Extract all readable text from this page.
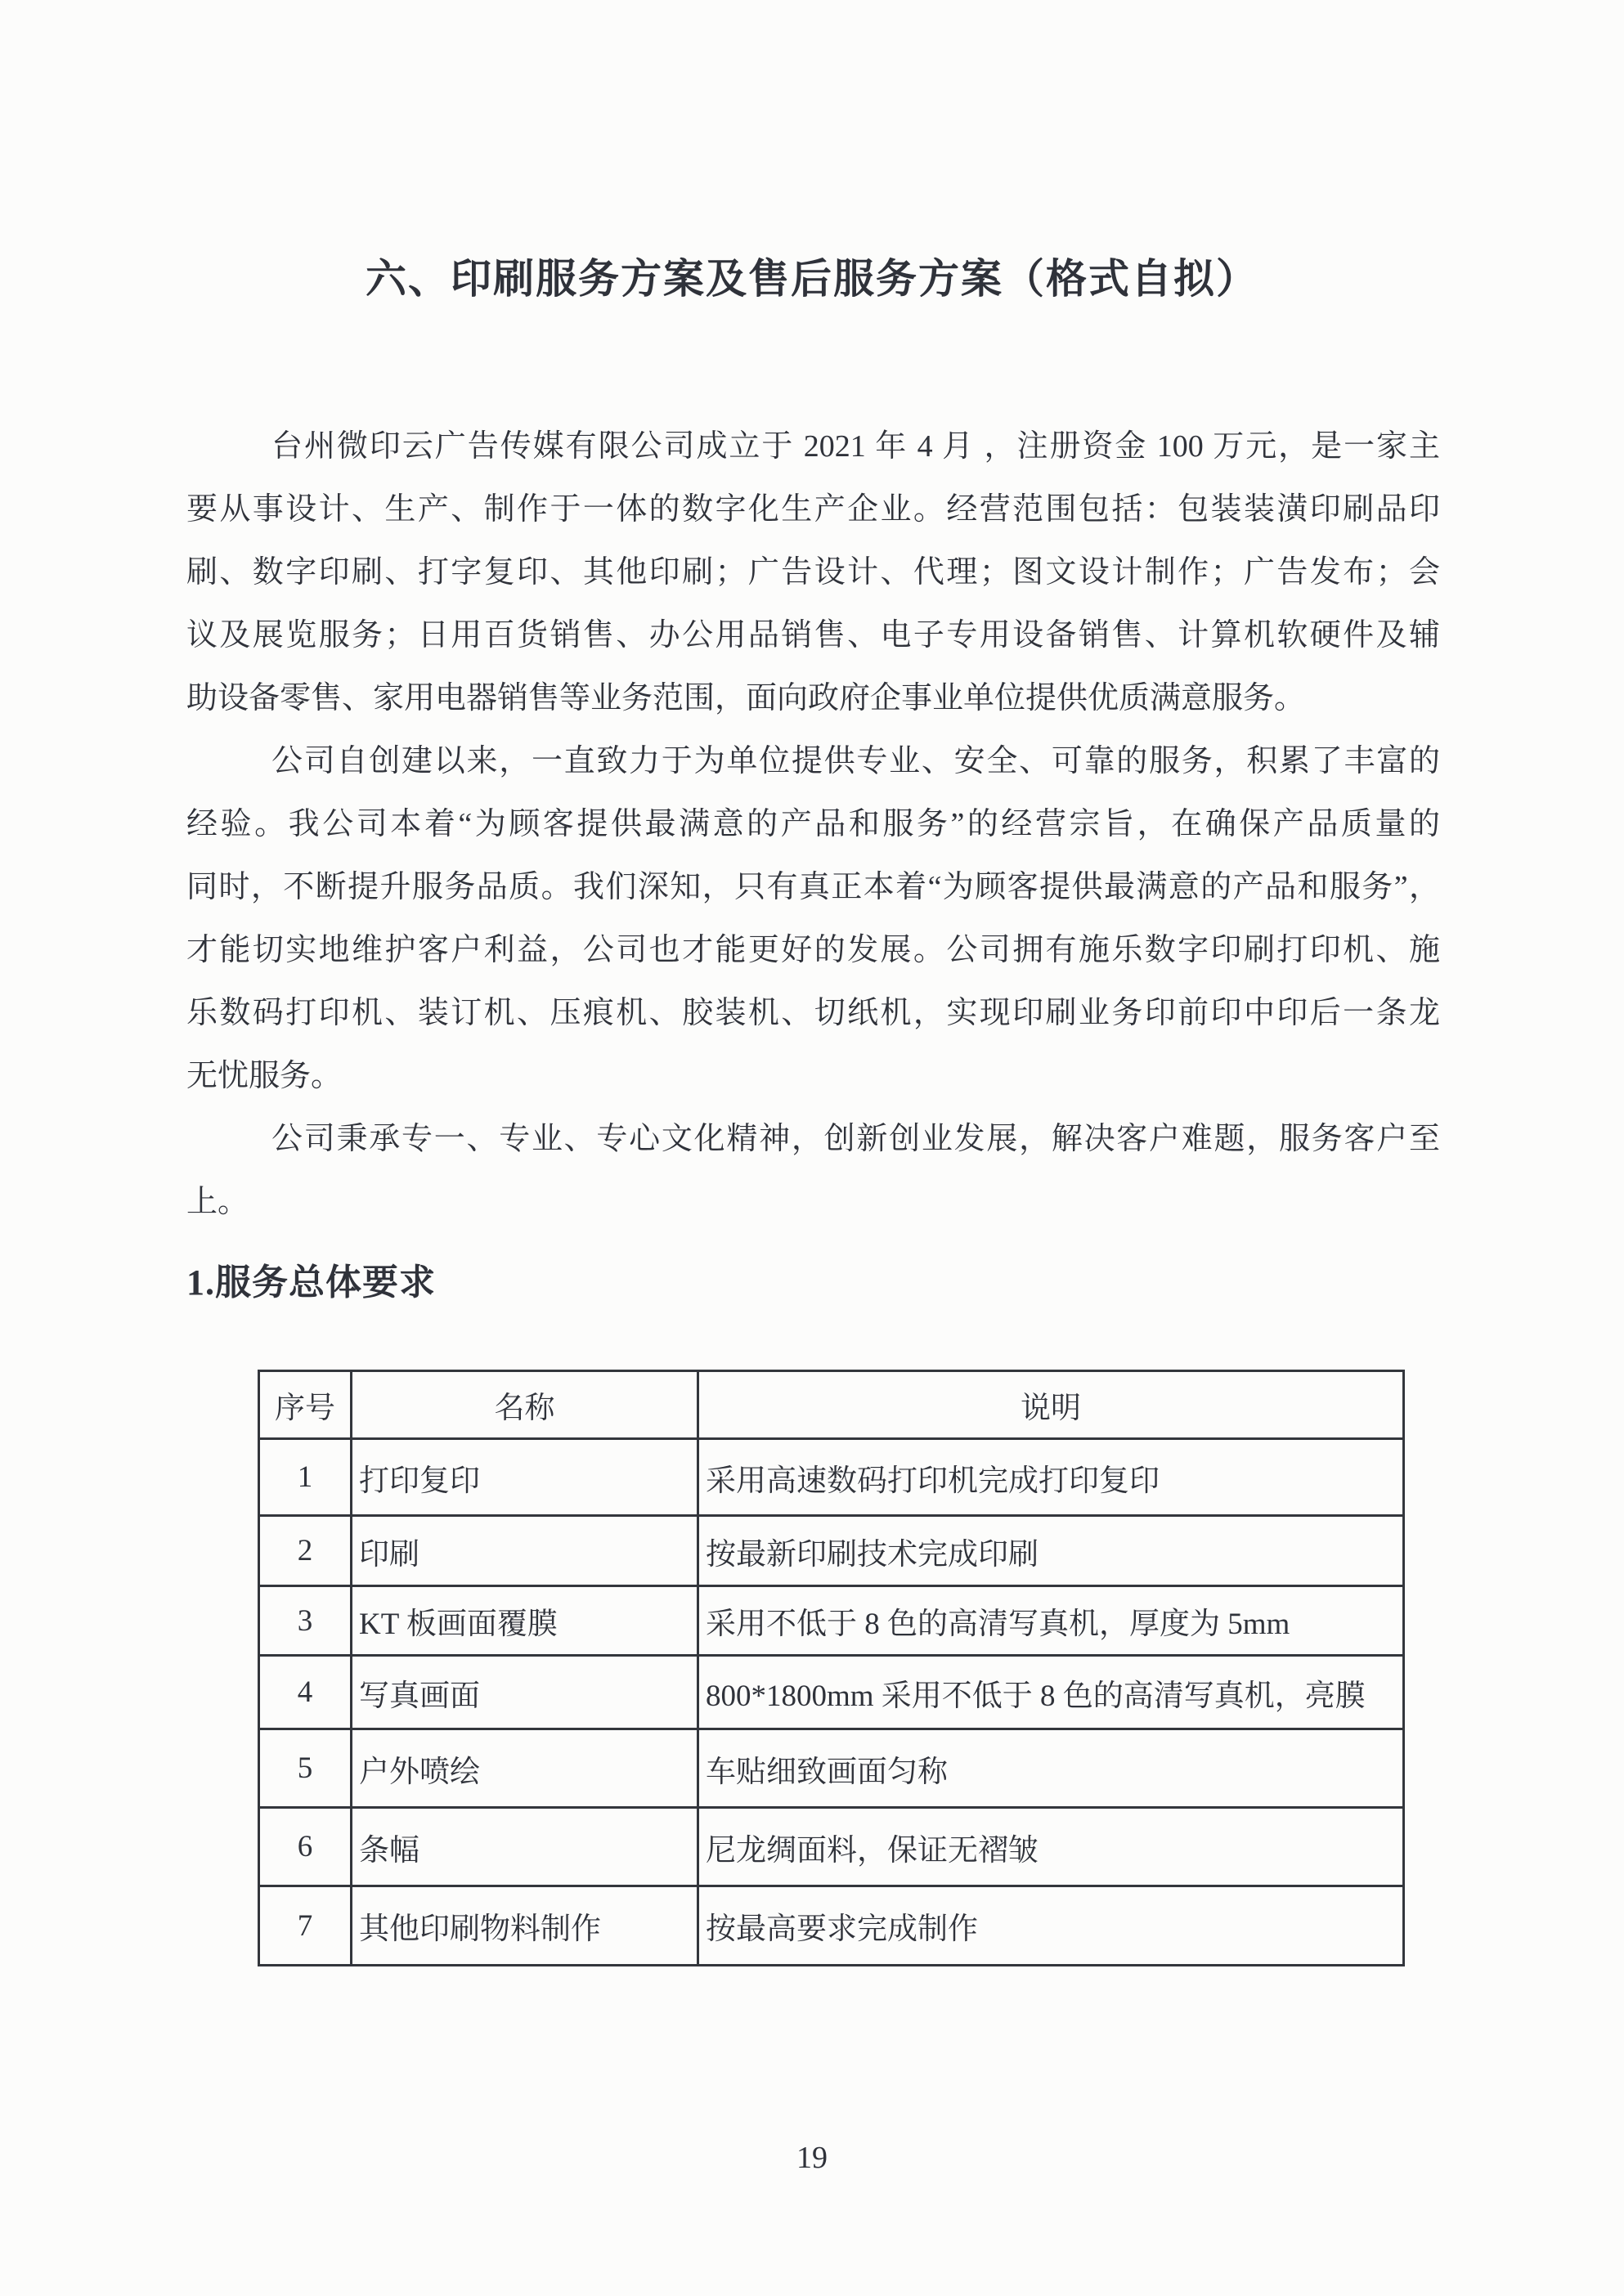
六、印刷服务方案及售后服务方案（格式自拟）
台州微印云广告传媒有限公司成立于 2021 年 4 月 ，注册资金 100 万元，是一家主
要从事设计、生产、制作于一体的数字化生产企业。经营范围包括：包装装潢印刷品印
刷、数字印刷、打字复印、其他印刷；广告设计、代理；图文设计制作；广告发布；会
议及展览服务；日用百货销售、办公用品销售、电子专用设备销售、计算机软硬件及辅
助设备零售、家用电器销售等业务范围，面向政府企事业单位提供优质满意服务。
公司自创建以来，一直致力于为单位提供专业、安全、可靠的服务，积累了丰富的
经验。我公司本着“为顾客提供最满意的产品和服务”的经营宗旨，在确保产品质量的
同时，不断提升服务品质。我们深知，只有真正本着“为顾客提供最满意的产品和服务”，
才能切实地维护客户利益，公司也才能更好的发展。公司拥有施乐数字印刷打印机、施
乐数码打印机、装订机、压痕机、胶装机、切纸机，实现印刷业务印前印中印后一条龙
无忧服务。
公司秉承专一、专业、专心文化精神，创新创业发展，解决客户难题，服务客户至
上。
1.服务总体要求
序号	名称	说明
1	打印复印	采用高速数码打印机完成打印复印
2	印刷	按最新印刷技术完成印刷
3	KT 板画面覆膜	采用不低于 8 色的高清写真机，厚度为 5mm
4	写真画面	800*1800mm 采用不低于 8 色的高清写真机，亮膜
5	户外喷绘	车贴细致画面匀称
6	条幅	尼龙绸面料，保证无褶皱
7	其他印刷物料制作	按最高要求完成制作
19
